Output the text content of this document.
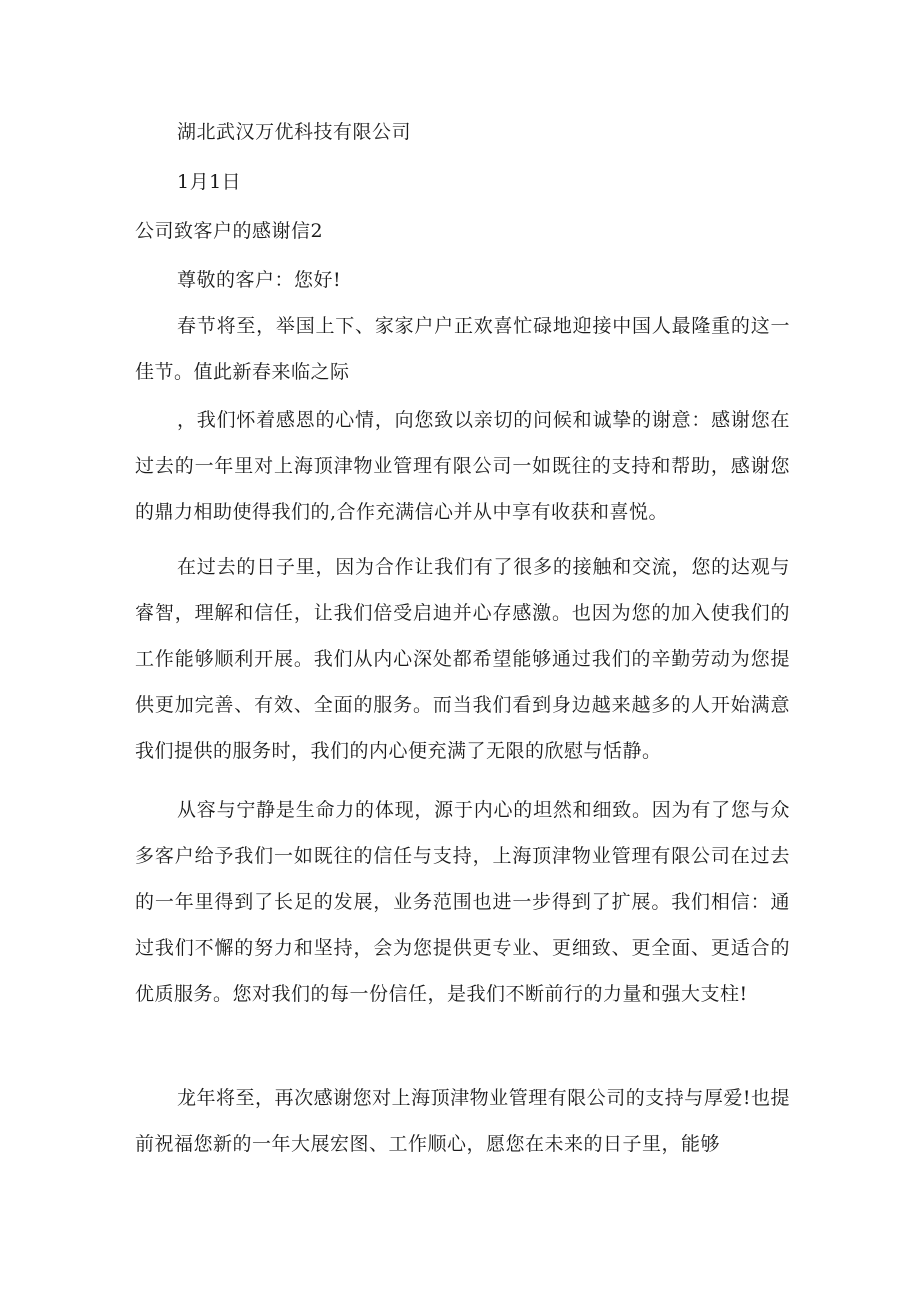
湖北武汉万优科技有限公司
1月1日
公司致客户的感谢信2
尊敬的客户：您好!

春节将至，举国上下、家家户户正欢喜忙碌地迎接中国人最隆重的这一佳节。值此新春来临之际

，我们怀着感恩的心情，向您致以亲切的问候和诚挚的谢意：感谢您在过去的一年里对上海顶津物业管理有限公司一如既往的支持和帮助，感谢您的鼎力相助使得我们的,合作充满信心并从中享有收获和喜悦。

在过去的日子里，因为合作让我们有了很多的接触和交流，您的达观与睿智，理解和信任，让我们倍受启迪并心存感激。也因为您的加入使我们的工作能够顺利开展。我们从内心深处都希望能够通过我们的辛勤劳动为您提供更加完善、有效、全面的服务。而当我们看到身边越来越多的人开始满意我们提供的服务时，我们的内心便充满了无限的欣慰与恬静。

从容与宁静是生命力的体现，源于内心的坦然和细致。因为有了您与众多客户给予我们一如既往的信任与支持，上海顶津物业管理有限公司在过去的一年里得到了长足的发展，业务范围也进一步得到了扩展。我们相信：通过我们不懈的努力和坚持，会为您提供更专业、更细致、更全面、更适合的优质服务。您对我们的每一份信任，是我们不断前行的力量和强大支柱!

龙年将至，再次感谢您对上海顶津物业管理有限公司的支持与厚爱!也提前祝福您新的一年大展宏图、工作顺心，愿您在未来的日子里，能够
